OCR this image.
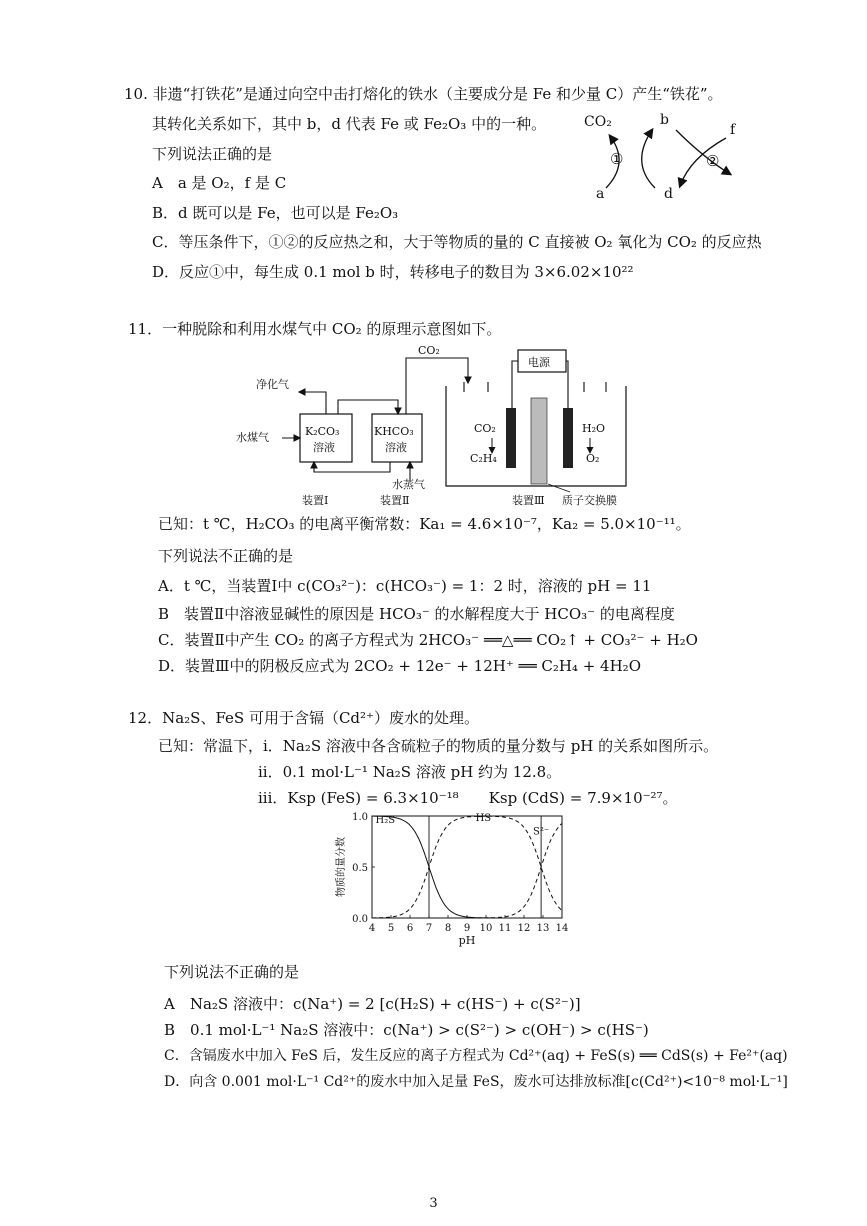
10. 非遗“打铁花”是通过向空中击打熔化的铁水（主要成分是 Fe 和少量 C）产生“铁花”。
其转化关系如下，其中 b，d 代表 Fe 或 Fe₂O₃ 中的一种。
下列说法正确的是
A　a 是 O₂，f 是 C
B．d 既可以是 Fe，也可以是 Fe₂O₃
C．等压条件下，①②的反应热之和，大于等物质的量的 C 直接被 O₂ 氧化为 CO₂ 的反应热
D．反应①中，每生成 0.1 mol b 时，转移电子的数目为 3×6.02×10²²
CO₂	b
f
①	②
a	d
11．一种脱除和利用水煤气中 CO₂ 的原理示意图如下。
K₂CO₃
溶液
KHCO₃
溶液
净化气
水煤气
水蒸气
CO₂
电源
CO₂
C₂H₄
H₂O
O₂
装置Ⅰ	装置Ⅱ	装置Ⅲ 质子交换膜
已知：t ℃，H₂CO₃ 的电离平衡常数：Ka₁ = 4.6×10⁻⁷，Ka₂ = 5.0×10⁻¹¹。
下列说法不正确的是
A．t ℃，当装置Ⅰ中 c(CO₃²⁻)：c(HCO₃⁻) = 1：2 时，溶液的 pH = 11
B　装置Ⅱ中溶液显碱性的原因是 HCO₃⁻ 的水解程度大于 HCO₃⁻ 的电离程度
C．装置Ⅱ中产生 CO₂ 的离子方程式为 2HCO₃⁻ ══△══ CO₂↑ + CO₃²⁻ + H₂O
D．装置Ⅲ中的阴极反应式为 2CO₂ + 12e⁻ + 12H⁺ ══ C₂H₄ + 4H₂O
12．Na₂S、FeS 可用于含镉（Cd²⁺）废水的处理。
已知：常温下，i．Na₂S 溶液中各含硫粒子的物质的量分数与 pH 的关系如图所示。
ii．0.1 mol·L⁻¹ Na₂S 溶液 pH 约为 12.8。
iii．Ksp (FeS) = 6.3×10⁻¹⁸　　Ksp (CdS) = 7.9×10⁻²⁷。
4 5 6 7 8 9 10 11 12 13 14
0.0
0.5
1.0
pH
物质的量分数
H₂S	HS⁻
S²⁻
下列说法不正确的是
A　Na₂S 溶液中：c(Na⁺) = 2 [c(H₂S) + c(HS⁻) + c(S²⁻)]
B　0.1 mol·L⁻¹ Na₂S 溶液中：c(Na⁺) > c(S²⁻) > c(OH⁻) > c(HS⁻)
C．含镉废水中加入 FeS 后，发生反应的离子方程式为 Cd²⁺(aq) + FeS(s) ══ CdS(s) + Fe²⁺(aq)
D．向含 0.001 mol·L⁻¹ Cd²⁺的废水中加入足量 FeS，废水可达排放标准[c(Cd²⁺)<10⁻⁸ mol·L⁻¹]
3
